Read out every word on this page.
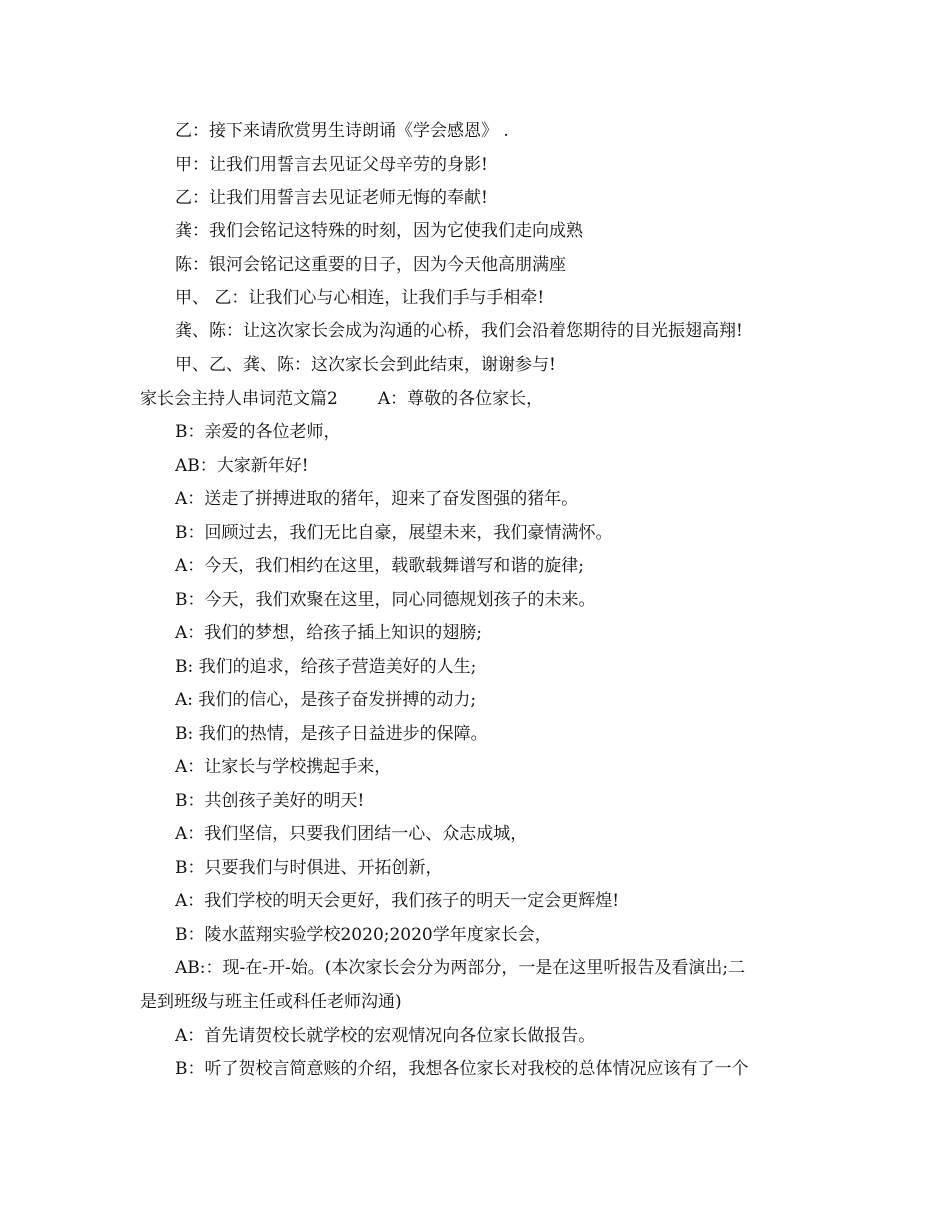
乙：接下来请欣赏男生诗朗诵《学会感恩》 .
甲：让我们用誓言去见证父母辛劳的身影!
乙：让我们用誓言去见证老师无悔的奉献!
龚：我们会铭记这特殊的时刻，因为它使我们走向成熟
陈：银河会铭记这重要的日子，因为今天他高朋满座
甲、 乙：让我们心与心相连，让我们手与手相牵!
龚、陈：让这次家长会成为沟通的心桥，我们会沿着您期待的目光振翅高翔!
甲、乙、龚、陈：这次家长会到此结束，谢谢参与!
家长会主持人串词范文篇2 A：尊敬的各位家长，
B：亲爱的各位老师，
AB：大家新年好!
A：送走了拼搏进取的猪年，迎来了奋发图强的猪年。
B：回顾过去，我们无比自豪，展望未来，我们豪情满怀。
A：今天，我们相约在这里，载歌载舞谱写和谐的旋律;
B：今天，我们欢聚在这里，同心同德规划孩子的未来。
A：我们的梦想，给孩子插上知识的翅膀;
B: 我们的追求，给孩子营造美好的人生;
A: 我们的信心，是孩子奋发拼搏的动力;
B: 我们的热情，是孩子日益进步的保障。
A：让家长与学校携起手来，
B：共创孩子美好的明天!
A：我们坚信，只要我们团结一心、众志成城，
B：只要我们与时俱进、开拓创新，
A：我们学校的明天会更好，我们孩子的明天一定会更辉煌!
B：陵水蓝翔实验学校2020;2020学年度家长会，
AB:：现-在-开-始。(本次家长会分为两部分，一是在这里听报告及看演出;二
是到班级与班主任或科任老师沟通)
A：首先请贺校长就学校的宏观情况向各位家长做报告。
B：听了贺校言简意赅的介绍，我想各位家长对我校的总体情况应该有了一个
